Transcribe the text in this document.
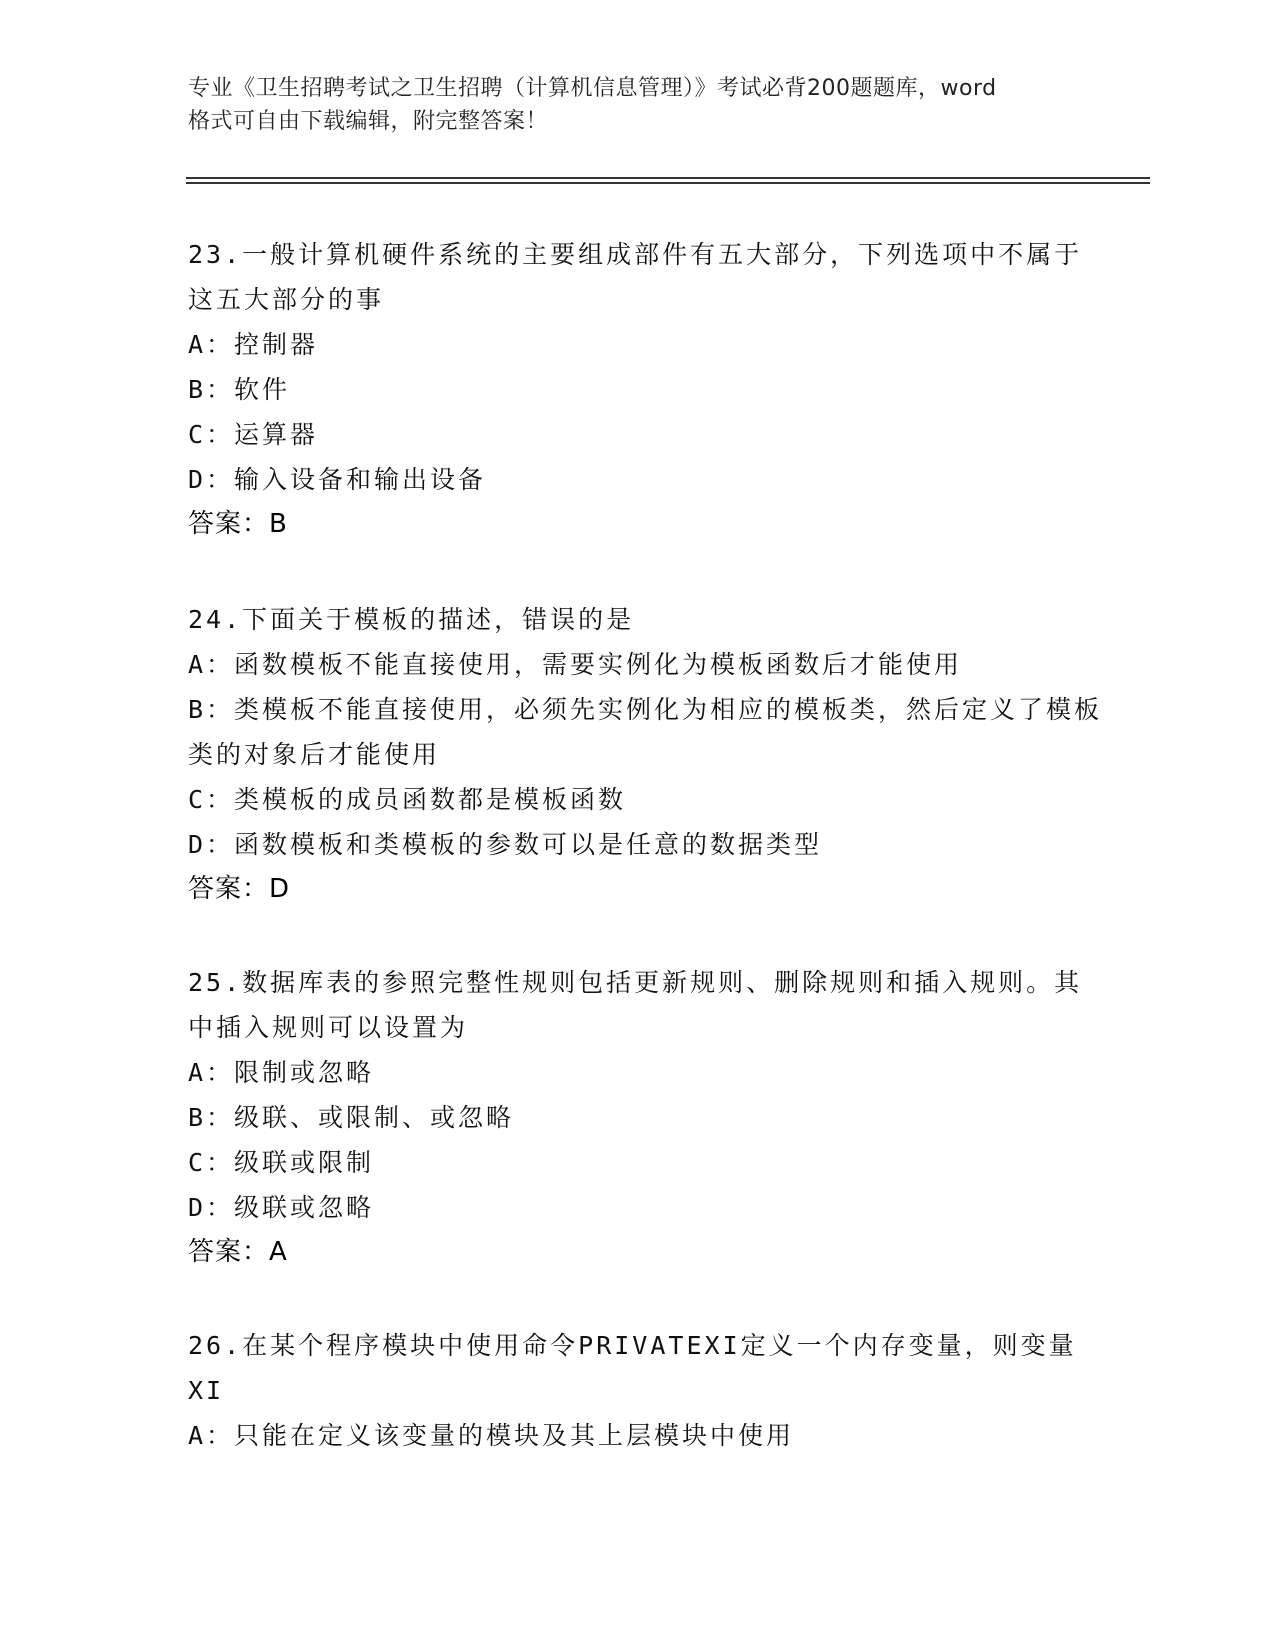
专业《卫生招聘考试之卫生招聘（计算机信息管理）》考试必背200题题库，word
格式可自由下载编辑，附完整答案！

23.一般计算机硬件系统的主要组成部件有五大部分，下列选项中不属于这五大部分的事

A：控制器

B：软件

C：运算器

D：输入设备和输出设备

答案：B

24.下面关于模板的描述，错误的是

A：函数模板不能直接使用，需要实例化为模板函数后才能使用

B：类模板不能直接使用，必须先实例化为相应的模板类，然后定义了模板类的对象后才能使用

C：类模板的成员函数都是模板函数

D：函数模板和类模板的参数可以是任意的数据类型

答案：D

25.数据库表的参照完整性规则包括更新规则、删除规则和插入规则。其中插入规则可以设置为

A：限制或忽略

B：级联、或限制、或忽略

C：级联或限制

D：级联或忽略

答案：A

26.在某个程序模块中使用命令PRIVATEXI定义一个内存变量，则变量XI

A：只能在定义该变量的模块及其上层模块中使用
